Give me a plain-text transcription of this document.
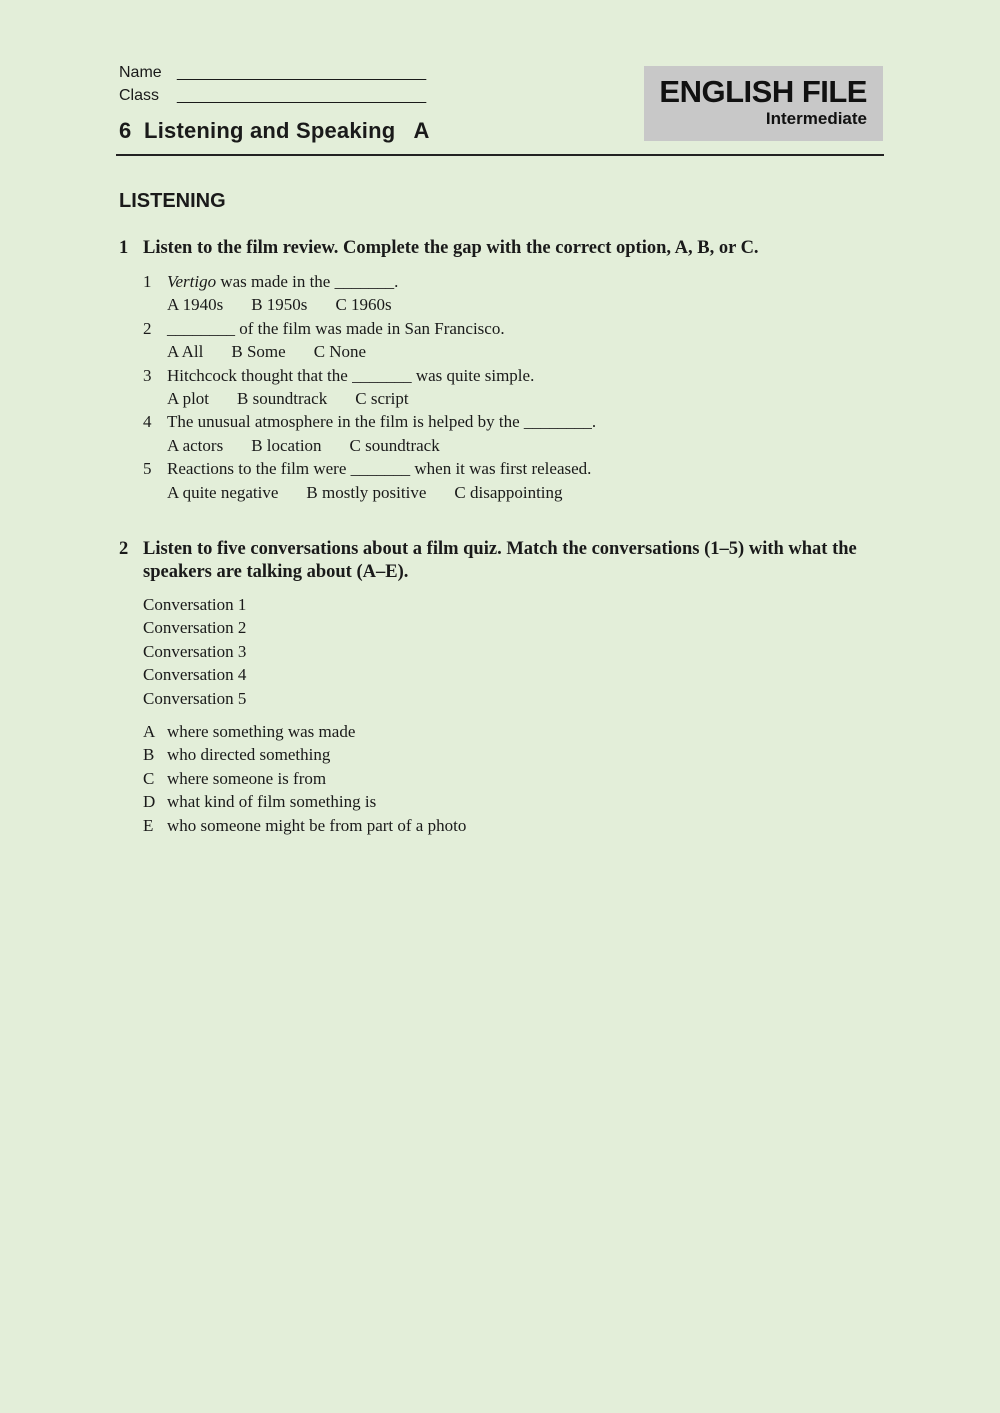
Name ____________________________
Class ____________________________
6  Listening and Speaking   A
ENGLISH FILE
Intermediate
LISTENING
1 Listen to the film review. Complete the gap with the correct option, A, B, or C.
1 Vertigo was made in the _______.
A 1940s B 1950s C 1960s
2 ________ of the film was made in San Francisco.
A All B Some C None
3 Hitchcock thought that the _______ was quite simple.
A plot B soundtrack C script
4 The unusual atmosphere in the film is helped by the ________.
A actors B location C soundtrack
5 Reactions to the film were _______ when it was first released.
A quite negative B mostly positive C disappointing
2 Listen to five conversations about a film quiz. Match the conversations (1–5) with what the speakers are talking about (A–E).
Conversation 1
Conversation 2
Conversation 3
Conversation 4
Conversation 5
A where something was made
B who directed something
C where someone is from
D what kind of film something is
E who someone might be from part of a photo
